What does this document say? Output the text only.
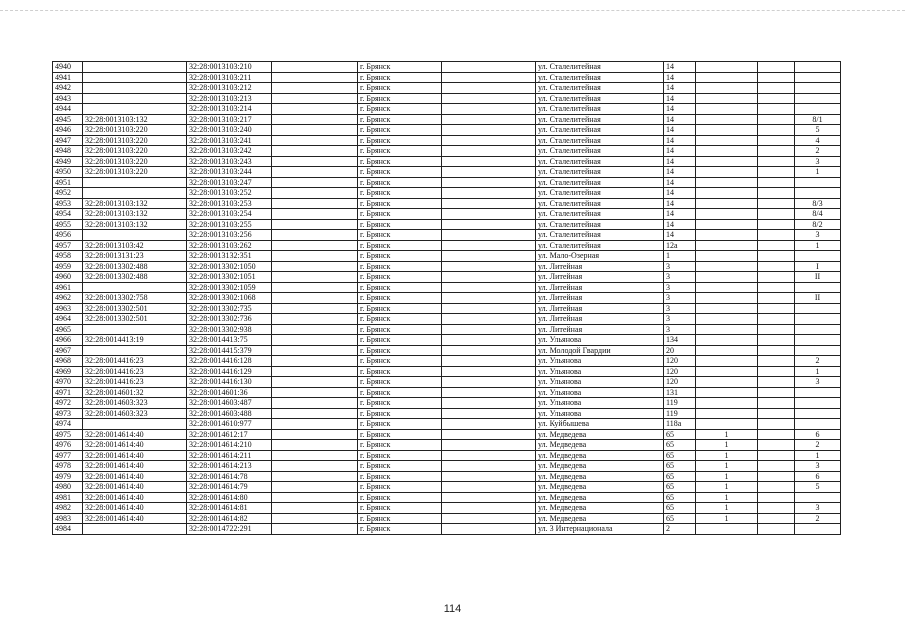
4940		32:28:0013103:210		г. Брянск		ул. Сталелитейная	14			
4941		32:28:0013103:211		г. Брянск		ул. Сталелитейная	14			
4942		32:28:0013103:212		г. Брянск		ул. Сталелитейная	14			
4943		32:28:0013103:213		г. Брянск		ул. Сталелитейная	14			
4944		32:28:0013103:214		г. Брянск		ул. Сталелитейная	14			
4945	32:28:0013103:132	32:28:0013103:217		г. Брянск		ул. Сталелитейная	14			8/1
4946	32:28:0013103:220	32:28:0013103:240		г. Брянск		ул. Сталелитейная	14			5
4947	32:28:0013103:220	32:28:0013103:241		г. Брянск		ул. Сталелитейная	14			4
4948	32:28:0013103:220	32:28:0013103:242		г. Брянск		ул. Сталелитейная	14			2
4949	32:28:0013103:220	32:28:0013103:243		г. Брянск		ул. Сталелитейная	14			3
4950	32:28:0013103:220	32:28:0013103:244		г. Брянск		ул. Сталелитейная	14			1
4951		32:28:0013103:247		г. Брянск		ул. Сталелитейная	14			
4952		32:28:0013103:252		г. Брянск		ул. Сталелитейная	14			
4953	32:28:0013103:132	32:28:0013103:253		г. Брянск		ул. Сталелитейная	14			8/3
4954	32:28:0013103:132	32:28:0013103:254		г. Брянск		ул. Сталелитейная	14			8/4
4955	32:28:0013103:132	32:28:0013103:255		г. Брянск		ул. Сталелитейная	14			8/2
4956		32:28:0013103:256		г. Брянск		ул. Сталелитейная	14			3
4957	32:28:0013103:42	32:28:0013103:262		г. Брянск		ул. Сталелитейная	12а			1
4958	32:28:0013131:23	32:28:0013132:351		г. Брянск		ул. Мало-Озерная	1			
4959	32:28:0013302:488	32:28:0013302:1050		г. Брянск		ул. Литейная	3			I
4960	32:28:0013302:488	32:28:0013302:1051		г. Брянск		ул. Литейная	3			II
4961		32:28:0013302:1059		г. Брянск		ул. Литейная	3			
4962	32:28:0013302:758	32:28:0013302:1068		г. Брянск		ул. Литейная	3			II
4963	32:28:0013302:501	32:28:0013302:735		г. Брянск		ул. Литейная	3			
4964	32:28:0013302:501	32:28:0013302:736		г. Брянск		ул. Литейная	3			
4965		32:28:0013302:938		г. Брянск		ул. Литейная	3			
4966	32:28:0014413:19	32:28:0014413:75		г. Брянск		ул. Ульянова	134			
4967		32:28:0014415:379		г. Брянск		ул. Молодой Гвардии	20			
4968	32:28:0014416:23	32:28:0014416:128		г. Брянск		ул. Ульянова	120			2
4969	32:28:0014416:23	32:28:0014416:129		г. Брянск		ул. Ульянова	120			1
4970	32:28:0014416:23	32:28:0014416:130		г. Брянск		ул. Ульянова	120			3
4971	32:28:0014601:32	32:28:0014601:36		г. Брянск		ул. Ульянова	131			
4972	32:28:0014603:323	32:28:0014603:487		г. Брянск		ул. Ульянова	119			
4973	32:28:0014603:323	32:28:0014603:488		г. Брянск		ул. Ульянова	119			
4974		32:28:0014610:977		г. Брянск		ул. Куйбышева	118а			
4975	32:28:0014614:40	32:28:0014612:17		г. Брянск		ул. Медведева	65	1		6
4976	32:28:0014614:40	32:28:0014614:210		г. Брянск		ул. Медведева	65	1		2
4977	32:28:0014614:40	32:28:0014614:211		г. Брянск		ул. Медведева	65	1		1
4978	32:28:0014614:40	32:28:0014614:213		г. Брянск		ул. Медведева	65	1		3
4979	32:28:0014614:40	32:28:0014614:78		г. Брянск		ул. Медведева	65	1		6
4980	32:28:0014614:40	32:28:0014614:79		г. Брянск		ул. Медведева	65	1		5
4981	32:28:0014614:40	32:28:0014614:80		г. Брянск		ул. Медведева	65	1		
4982	32:28:0014614:40	32:28:0014614:81		г. Брянск		ул. Медведева	65	1		3
4983	32:28:0014614:40	32:28:0014614:82		г. Брянск		ул. Медведева	65	1		2
4984		32:28:0014722:291		г. Брянск		ул. 3 Интернационала	2			
114
